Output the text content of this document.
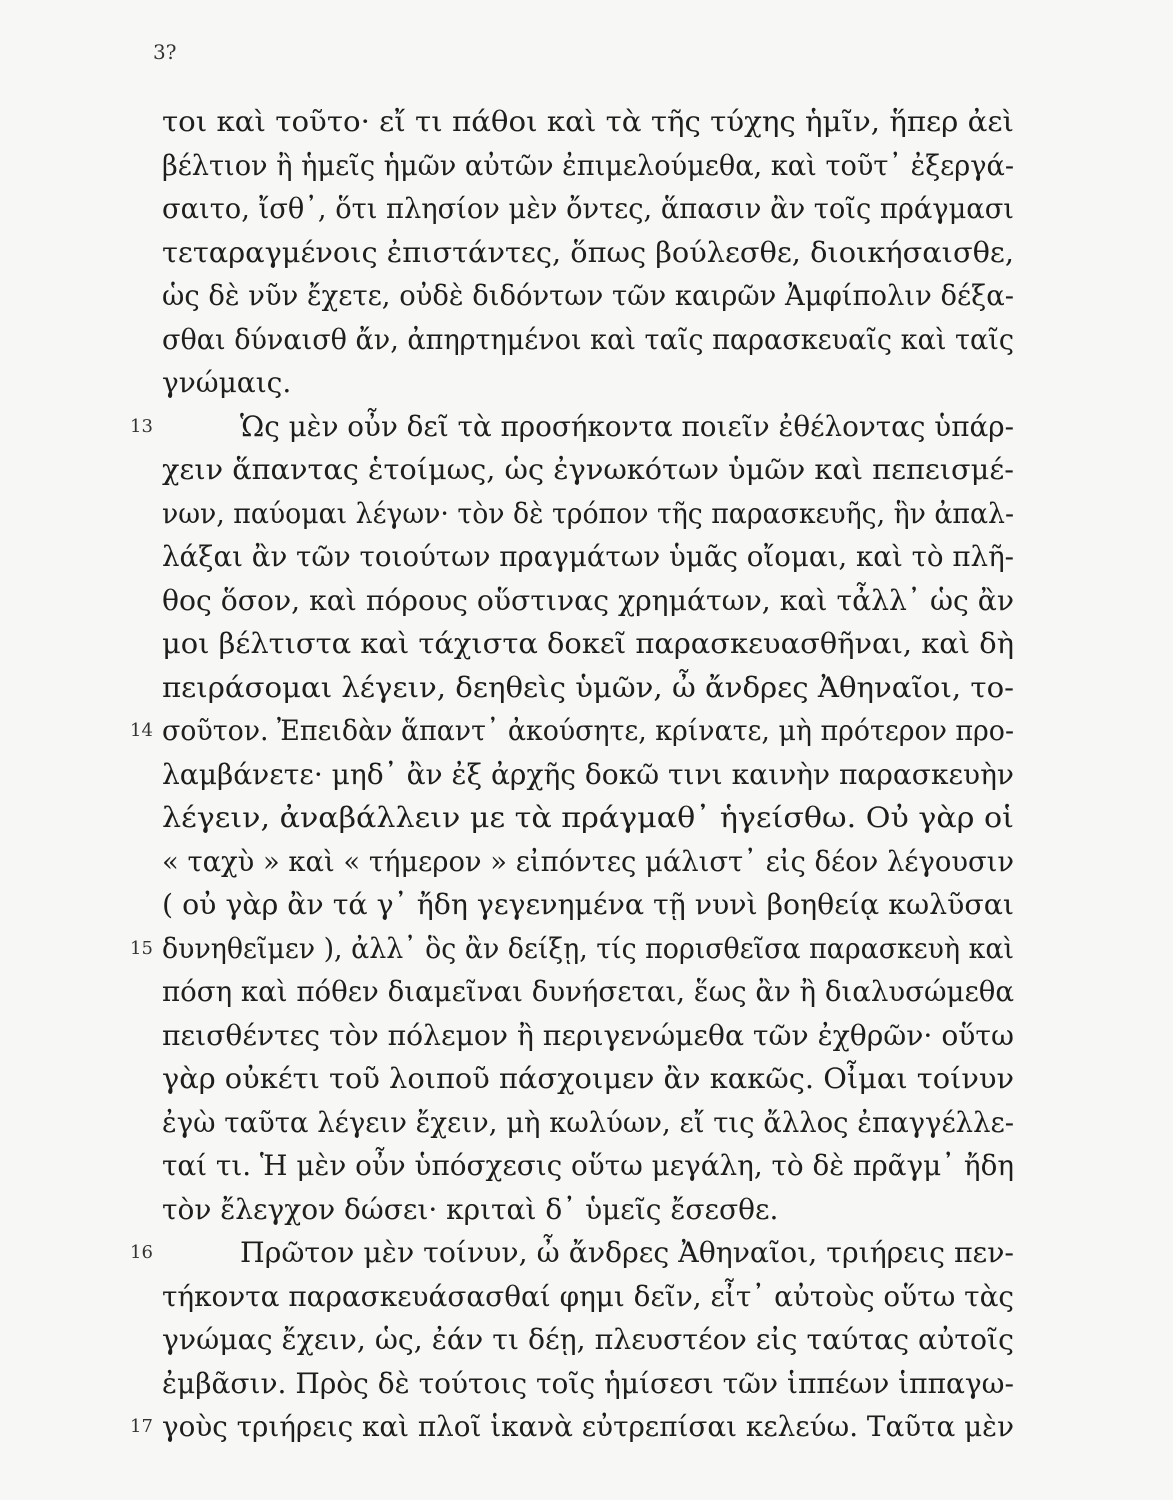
3?
τοι καὶ τοῦτο· εἴ τι πάθοι καὶ τὰ τῆς τύχης ἡμῖν, ἥπερ ἀεὶ
βέλτιον ἢ ἡμεῖς ἡμῶν αὐτῶν ἐπιμελούμεθα, καὶ τοῦτ᾽ ἐξεργά-
σαιτο, ἴσθ᾽, ὅτι πλησίον μὲν ὄντες, ἅπασιν ἂν τοῖς πράγμασι
τεταραγμένοις ἐπιστάντες, ὅπως βούλεσθε, διοικήσαισθε,
ὡς δὲ νῦν ἔχετε, οὐδὲ διδόντων τῶν καιρῶν Ἀμφίπολιν δέξα-
σθαι δύναισθ ἄν, ἀπηρτημένοι καὶ ταῖς παρασκευαῖς καὶ ταῖς
γνώμαις.
13	Ὡς μὲν οὖν δεῖ τὰ προσήκοντα ποιεῖν ἐθέλοντας ὑπάρ-
χειν ἅπαντας ἑτοίμως, ὡς ἐγνωκότων ὑμῶν καὶ πεπεισμέ-
νων, παύομαι λέγων· τὸν δὲ τρόπον τῆς παρασκευῆς, ἣν ἀπαλ-
λάξαι ἂν τῶν τοιούτων πραγμάτων ὑμᾶς οἴομαι, καὶ τὸ πλῆ-
θος ὅσον, καὶ πόρους οὕστινας χρημάτων, καὶ τἆλλ᾽ ὡς ἂν
μοι βέλτιστα καὶ τάχιστα δοκεῖ παρασκευασθῆναι, καὶ δὴ
πειράσομαι λέγειν, δεηθεὶς ὑμῶν, ὦ ἄνδρες Ἀθηναῖοι, το-
14 σοῦτον. Ἐπειδὰν ἅπαντ᾽ ἀκούσητε, κρίνατε, μὴ πρότερον προ-
λαμβάνετε· μηδ᾽ ἂν ἐξ ἀρχῆς δοκῶ τινι καινὴν παρασκευὴν
λέγειν, ἀναβάλλειν με τὰ πράγμαθ᾽ ἡγείσθω. Οὐ γὰρ οἱ
« ταχὺ » καὶ « τήμερον » εἰπόντες μάλιστ᾽ εἰς δέον λέγουσιν
( οὐ γὰρ ἂν τά γ᾽ ἤδη γεγενημένα τῇ νυνὶ βοηθείᾳ κωλῦσαι
15 δυνηθεῖμεν ), ἀλλ᾽ ὃς ἂν δείξῃ, τίς πορισθεῖσα παρασκευὴ καὶ
πόση καὶ πόθεν διαμεῖναι δυνήσεται, ἕως ἂν ἢ διαλυσώμεθα
πεισθέντες τὸν πόλεμον ἢ περιγενώμεθα τῶν ἐχθρῶν· οὕτω
γὰρ οὐκέτι τοῦ λοιποῦ πάσχοιμεν ἂν κακῶς. Οἶμαι τοίνυν
ἐγὼ ταῦτα λέγειν ἔχειν, μὴ κωλύων, εἴ τις ἄλλος ἐπαγγέλλε-
ταί τι. Ἡ μὲν οὖν ὑπόσχεσις οὕτω μεγάλη, τὸ δὲ πρᾶγμ᾽ ἤδη
τὸν ἔλεγχον δώσει· κριταὶ δ᾽ ὑμεῖς ἔσεσθε.
16	Πρῶτον μὲν τοίνυν, ὦ ἄνδρες Ἀθηναῖοι, τριήρεις πεν-
τήκοντα παρασκευάσασθαί φημι δεῖν, εἶτ᾽ αὐτοὺς οὕτω τὰς
γνώμας ἔχειν, ὡς, ἐάν τι δέῃ, πλευστέον εἰς ταύτας αὐτοῖς
ἐμβᾶσιν. Πρὸς δὲ τούτοις τοῖς ἡμίσεσι τῶν ἱππέων ἱππαγω-
17 γοὺς τριήρεις καὶ πλοῖ ἱκανὰ εὐτρεπίσαι κελεύω. Ταῦτα μὲν
